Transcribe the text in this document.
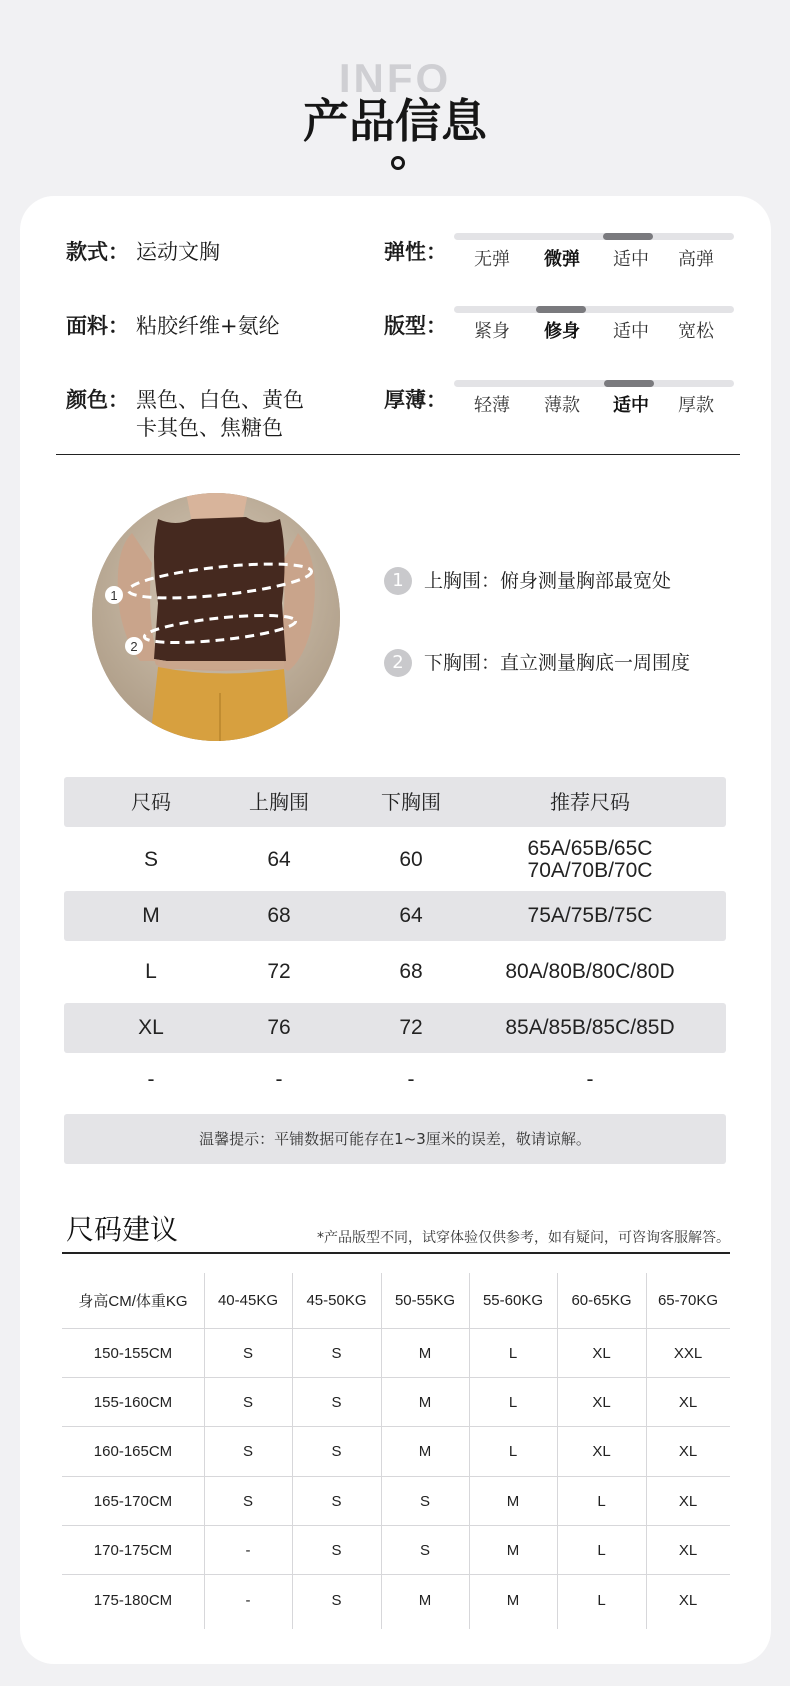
INFO
产品信息
款式： 运动文胸
面料： 粘胶纤维+氨纶
颜色： 黑色、白色、黄色
卡其色、焦糖色
弹性：	无弹	微弹	适中	高弹
版型：	紧身	修身	适中	宽松
厚薄：	轻薄	薄款	适中	厚款
1
2
1 上胸围：俯身测量胸部最宽处
2 下胸围：直立测量胸底一周围度
尺码	上胸围	下胸围	推荐尺码
S	64	60	65A/65B/65C
70A/70B/70C
M	68	64	75A/75B/75C
L	72	68	80A/80B/80C/80D
XL	76	72	85A/85B/85C/85D
-	-	-	-
温馨提示：平铺数据可能存在1~3厘米的误差，敬请谅解。
尺码建议	*产品版型不同，试穿体验仅供参考，如有疑问，可咨询客服解答。
身高CM/体重KG	40-45KG	45-50KG	50-55KG	55-60KG	60-65KG	65-70KG
150-155CM	S	S	M	L	XL	XXL
155-160CM	S	S	M	L	XL	XL
160-165CM	S	S	M	L	XL	XL
165-170CM	S	S	S	M	L	XL
170-175CM	-	S	S	M	L	XL
175-180CM	-	S	M	M	L	XL
